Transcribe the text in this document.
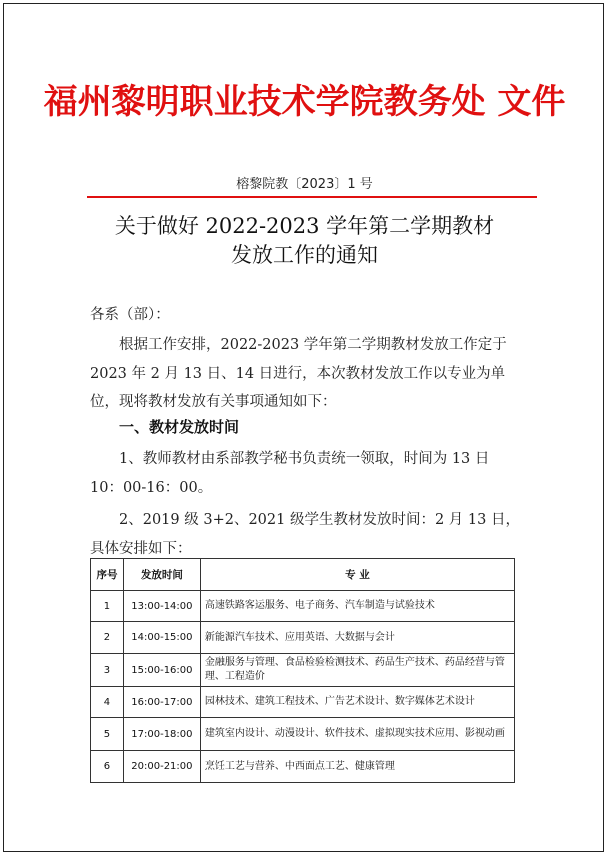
福州黎明职业技术学院教务处 文件
榕黎院教〔2023〕1 号
关于做好 2022-2023 学年第二学期教材
发放工作的通知
各系（部）：
根据工作安排，2022-2023 学年第二学期教材发放工作定于 2023 年 2 月 13 日、14 日进行，本次教材发放工作以专业为单位，现将教材发放有关事项通知如下：
一、教材发放时间
1、教师教材由系部教学秘书负责统一领取，时间为 13 日 10：00-16：00。
2、2019 级 3+2、2021 级学生教材发放时间：2 月 13 日，具体安排如下：
序号	发放时间	专 业
1	13:00-14:00	高速铁路客运服务、电子商务、汽车制造与试验技术
2	14:00-15:00	新能源汽车技术、应用英语、大数据与会计
3	15:00-16:00	金融服务与管理、食品检验检测技术、药品生产技术、药品经营与管理、工程造价
4	16:00-17:00	园林技术、建筑工程技术、广告艺术设计、数字媒体艺术设计
5	17:00-18:00	建筑室内设计、动漫设计、软件技术、虚拟现实技术应用、影视动画
6	20:00-21:00	烹饪工艺与营养、中西面点工艺、健康管理
